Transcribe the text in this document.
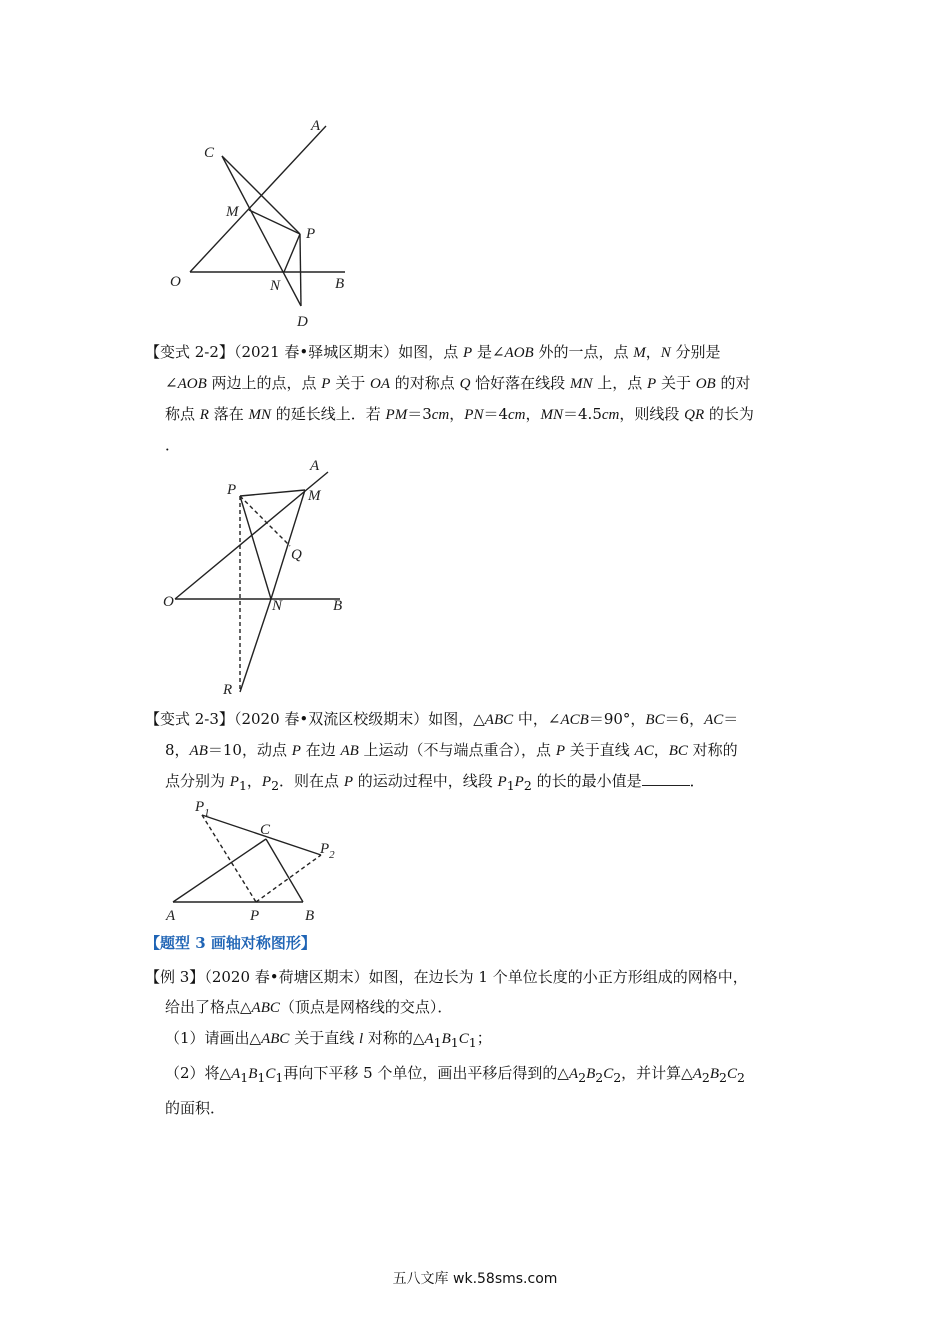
A
C
M
P
O	N	B
D

【变式 2-2】（2021 春•驿城区期末）如图，点 P 是∠AOB 外的一点，点 M，N 分别是

∠AOB 两边上的点，点 P 关于 OA 的对称点 Q 恰好落在线段 MN 上，点 P 关于 OB 的对

称点 R 落在 MN 的延长线上．若 PM＝3cm，PN＝4cm，MN＝4.5cm，则线段 QR 的长为

．

A
P	M
Q
O	N	B
R

【变式 2-3】（2020 春•双流区校级期末）如图，△ABC 中，∠ACB＝90°，BC＝6，AC＝

8，AB＝10，动点 P 在边 AB 上运动（不与端点重合），点 P 关于直线 AC，BC 对称的

点分别为 $P_1$，$P_2$．则在点 P 的运动过程中，线段 $P_1P_2$ 的长的最小值是	．

$P_1$
C
$P_2$
A	P	B
【题型 3 画轴对称图形】

【例 3】（2020 春•荷塘区期末）如图，在边长为 1 个单位长度的小正方形组成的网格中，

给出了格点△ABC（顶点是网格线的交点）．

（1）请画出△ABC 关于直线 l 对称的$\triangle A_1B_1C_1$；

（2）将$\triangle A_1B_1C_1$再向下平移 5 个单位，画出平移后得到的$\triangle A_2B_2C_2$，并计算$\triangle A_2B_2C_2$

的面积．

五八文库 wk.58sms.com
